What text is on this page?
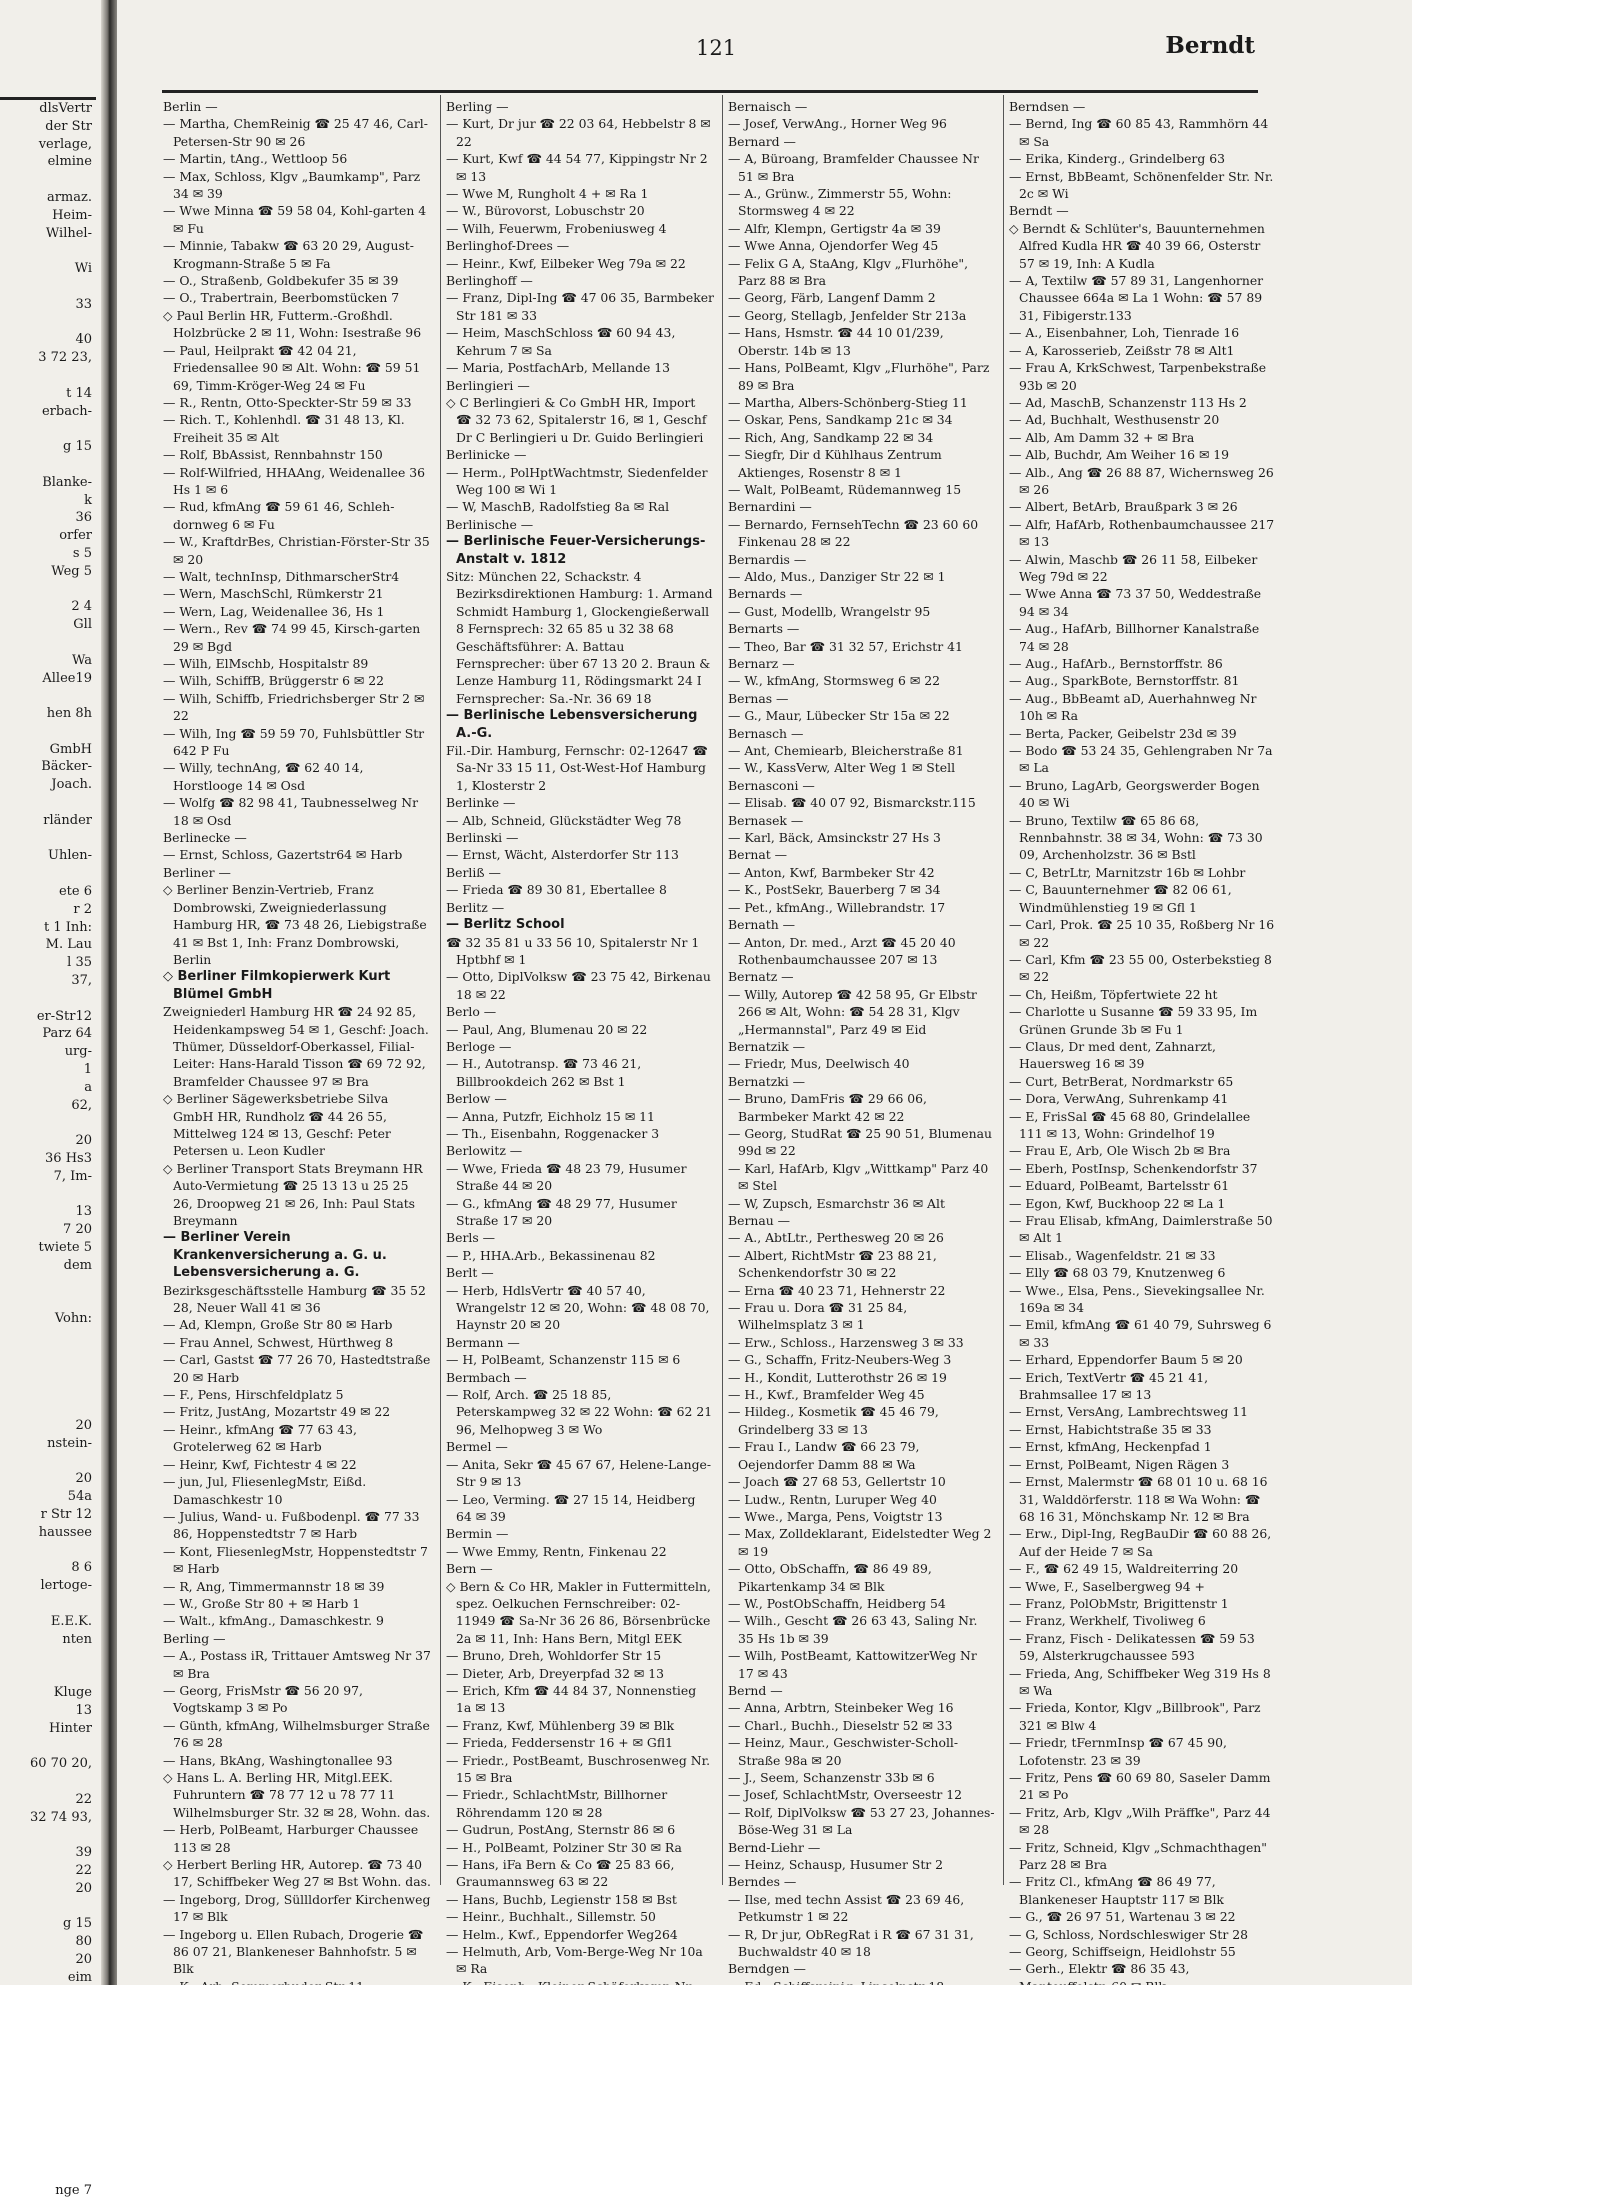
dlsVertr
der Str
verlage,
elmine

armaz.
Heim-
Wilhel-

Wi

33

40
3 72 23,

t 14
erbach-

g 15

Blanke-
k
36
orfer
s 5
Weg 5

2 4
Gll

Wa
Allee19

hen 8h

GmbH
Bäcker-
Joach.

rländer

Uhlen-

ete 6
r 2
t 1 Inh:
M. Lau
l 35
37,

er-Str12
Parz 64
urg-
1
a
62,

20
36 Hs3
7, Im-

13
7 20
twiete 5
dem

Vohn:

20
nstein-

20
54a
r Str 12
haussee

8 6
lertoge-

E.E.K.
nten

Kluge
13
Hinter

60 70 20,

22
32 74 93,

39
22
20

g 15
80
20
eim

nge 7
121	Berndt
Berlin —
— Martha, ChemReinig ☎ 25 47 46, Carl-Petersen-Str 90 ✉ 26
— Martin, tAng., Wettloop 56
— Max, Schloss, Klgv „Baumkamp", Parz 34 ✉ 39
— Wwe Minna ☎ 59 58 04, Kohl-garten 4 ✉ Fu
— Minnie, Tabakw ☎ 63 20 29, August-Krogmann-Straße 5 ✉ Fa
— O., Straßenb, Goldbekufer 35 ✉ 39
— O., Trabertrain, Beerbomstücken 7
◇ Paul Berlin HR, Futterm.-Großhdl. Holzbrücke 2 ✉ 11, Wohn: Isestraße 96
— Paul, Heilprakt ☎ 42 04 21, Friedensallee 90 ✉ Alt. Wohn: ☎ 59 51 69, Timm-Kröger-Weg 24 ✉ Fu
— R., Rentn, Otto-Speckter-Str 59 ✉ 33
— Rich. T., Kohlenhdl. ☎ 31 48 13, Kl. Freiheit 35 ✉ Alt
— Rolf, BbAssist, Rennbahnstr 150
— Rolf-Wilfried, HHAAng, Weidenallee 36 Hs 1 ✉ 6
— Rud, kfmAng ☎ 59 61 46, Schleh-dornweg 6 ✉ Fu
— W., KraftdrBes, Christian-Förster-Str 35 ✉ 20
— Walt, technInsp, DithmarscherStr4
— Wern, MaschSchl, Rümkerstr 21
— Wern, Lag, Weidenallee 36, Hs 1
— Wern., Rev ☎ 74 99 45, Kirsch-garten 29 ✉ Bgd
— Wilh, ElMschb, Hospitalstr 89
— Wilh, SchiffB, Brüggerstr 6 ✉ 22
— Wilh, Schiffb, Friedrichsberger Str 2 ✉ 22
— Wilh, Ing ☎ 59 59 70, Fuhlsbüttler Str 642 P Fu
— Willy, technAng, ☎ 62 40 14, Horstlooge 14 ✉ Osd
— Wolfg ☎ 82 98 41, Taubnesselweg Nr 18 ✉ Osd
Berlinecke —
— Ernst, Schloss, Gazertstr64 ✉ Harb
Berliner —
◇ Berliner Benzin-Vertrieb, Franz Dombrowski, Zweigniederlassung Hamburg HR, ☎ 73 48 26, Liebigstraße 41 ✉ Bst 1, Inh: Franz Dombrowski, Berlin
◇ Berliner Filmkopierwerk Kurt Blümel GmbH
Zweigniederl Hamburg HR ☎ 24 92 85, Heidenkampsweg 54 ✉ 1, Geschf: Joach. Thümer, Düsseldorf-Oberkassel, Filial-Leiter: Hans-Harald Tisson ☎ 69 72 92, Bramfelder Chaussee 97 ✉ Bra
◇ Berliner Sägewerksbetriebe Silva GmbH HR, Rundholz ☎ 44 26 55, Mittelweg 124 ✉ 13, Geschf: Peter Petersen u. Leon Kudler
◇ Berliner Transport Stats Breymann HR Auto-Vermietung ☎ 25 13 13 u 25 25 26, Droopweg 21 ✉ 26, Inh: Paul Stats Breymann
— Berliner Verein Krankenversicherung a. G. u. Lebensversicherung a. G.
Bezirksgeschäftsstelle Hamburg ☎ 35 52 28, Neuer Wall 41 ✉ 36
— Ad, Klempn, Große Str 80 ✉ Harb
— Frau Annel, Schwest, Hürthweg 8
— Carl, Gastst ☎ 77 26 70, Hastedtstraße 20 ✉ Harb
— F., Pens, Hirschfeldplatz 5
— Fritz, JustAng, Mozartstr 49 ✉ 22
— Heinr., kfmAng ☎ 77 63 43, Grotelerweg 62 ✉ Harb
— Heinr, Kwf, Fichtestr 4 ✉ 22
— jun, Jul, FliesenlegMstr, Eißd. Damaschkestr 10
— Julius, Wand- u. Fußbodenpl. ☎ 77 33 86, Hoppenstedtstr 7 ✉ Harb
— Kont, FliesenlegMstr, Hoppenstedtstr 7 ✉ Harb
— R, Ang, Timmermannstr 18 ✉ 39
— W., Große Str 80 + ✉ Harb 1
— Walt., kfmAng., Damaschkestr. 9
Berling —
— A., Postass iR, Trittauer Amtsweg Nr 37 ✉ Bra
— Georg, FrisMstr ☎ 56 20 97, Vogtskamp 3 ✉ Po
— Günth, kfmAng, Wilhelmsburger Straße 76 ✉ 28
— Hans, BkAng, Washingtonallee 93
◇ Hans L. A. Berling HR, Mitgl.EEK. Fuhruntern ☎ 78 77 12 u 78 77 11 Wilhelmsburger Str. 32 ✉ 28, Wohn. das.
— Herb, PolBeamt, Harburger Chaussee 113 ✉ 28
◇ Herbert Berling HR, Autorep. ☎ 73 40 17, Schiffbeker Weg 27 ✉ Bst Wohn. das.
— Ingeborg, Drog, Süllldorfer Kirchenweg 17 ✉ Blk
— Ingeborg u. Ellen Rubach, Drogerie ☎ 86 07 21, Blankeneser Bahnhofstr. 5 ✉ Blk
Berling —
— Kurt, Dr jur ☎ 22 03 64, Hebbelstr 8 ✉ 22
— Kurt, Kwf ☎ 44 54 77, Kippingstr Nr 2 ✉ 13
— Wwe M, Rungholt 4 + ✉ Ra 1
— W., Bürovorst, Lobuschstr 20
— Wilh, Feuerwm, Frobeniusweg 4
Berlinghof-Drees —
— Heinr., Kwf, Eilbeker Weg 79a ✉ 22
Berlinghoff —
— Franz, Dipl-Ing ☎ 47 06 35, Barmbeker Str 181 ✉ 33
— Heim, MaschSchloss ☎ 60 94 43, Kehrum 7 ✉ Sa
— Maria, PostfachArb, Mellande 13
Berlingieri —
◇ C Berlingieri & Co GmbH HR, Import ☎ 32 73 62, Spitalerstr 16, ✉ 1, Geschf Dr C Berlingieri u Dr. Guido Berlingieri
Berlinicke —
— Herm., PolHptWachtmstr, Siedenfelder Weg 100 ✉ Wi 1
— W, MaschB, Radolfstieg 8a ✉ Ral
Berlinische —
— Berlinische Feuer-Versicherungs-Anstalt v. 1812
Sitz: München 22, Schackstr. 4 Bezirksdirektionen Hamburg: 1. Armand Schmidt Hamburg 1, Glockengießerwall 8 Fernsprech: 32 65 85 u 32 38 68 Geschäftsführer: A. Battau Fernsprecher: über 67 13 20 2. Braun & Lenze Hamburg 11, Rödingsmarkt 24 I Fernsprecher: Sa.-Nr. 36 69 18
— Berlinische Lebensversicherung A.-G.
Fil.-Dir. Hamburg, Fernschr: 02-12647 ☎ Sa-Nr 33 15 11, Ost-West-Hof Hamburg 1, Klosterstr 2
Berlinke —
— Alb, Schneid, Glückstädter Weg 78
Berlinski —
— Ernst, Wächt, Alsterdorfer Str 113
Berliß —
— Frieda ☎ 89 30 81, Ebertallee 8
Berlitz —
— Berlitz School
☎ 32 35 81 u 33 56 10, Spitalerstr Nr 1 Hptbhf ✉ 1
— Otto, DiplVolksw ☎ 23 75 42, Birkenau 18 ✉ 22
Berlo —
— Paul, Ang, Blumenau 20 ✉ 22
Berloge —
— H., Autotransp. ☎ 73 46 21, Billbrookdeich 262 ✉ Bst 1
Berlow —
— Anna, Putzfr, Eichholz 15 ✉ 11
— Th., Eisenbahn, Roggenacker 3
Berlowitz —
— Wwe, Frieda ☎ 48 23 79, Husumer Straße 44 ✉ 20
— G., kfmAng ☎ 48 29 77, Husumer Straße 17 ✉ 20
Berls —
— P., HHA.Arb., Bekassinenau 82
Berlt —
— Herb, HdlsVertr ☎ 40 57 40, Wrangelstr 12 ✉ 20, Wohn: ☎ 48 08 70, Haynstr 20 ✉ 20
Bermann —
— H, PolBeamt, Schanzenstr 115 ✉ 6
Bermbach —
— Rolf, Arch. ☎ 25 18 85, Peterskampweg 32 ✉ 22 Wohn: ☎ 62 21 96, Melhopweg 3 ✉ Wo
Bermel —
— Anita, Sekr ☎ 45 67 67, Helene-Lange-Str 9 ✉ 13
— Leo, Verming. ☎ 27 15 14, Heidberg 64 ✉ 39
Bermin —
— Wwe Emmy, Rentn, Finkenau 22
Bern —
◇ Bern & Co HR, Makler in Futtermitteln, spez. Oelkuchen Fernschreiber: 02-11949 ☎ Sa-Nr 36 26 86, Börsenbrücke 2a ✉ 11, Inh: Hans Bern, Mitgl EEK
— Bruno, Dreh, Wohldorfer Str 15
— Dieter, Arb, Dreyerpfad 32 ✉ 13
— Erich, Kfm ☎ 44 84 37, Nonnenstieg 1a ✉ 13
— Franz, Kwf, Mühlenberg 39 ✉ Blk
— Frieda, Feddersenstr 16 + ✉ Gfl1
— Friedr., PostBeamt, Buschrosenweg Nr. 15 ✉ Bra
— Friedr., SchlachtMstr, Billhorner Röhrendamm 120 ✉ 28
— Gudrun, PostAng, Sternstr 86 ✉ 6
— H., PolBeamt, Polziner Str 30 ✉ Ra
— Hans, iFa Bern & Co ☎ 25 83 66, Graumannsweg 63 ✉ 22
— Hans, Buchb, Legienstr 158 ✉ Bst
— Heinr., Buchhalt., Sillemstr. 50
— Helm., Kwf., Eppendorfer Weg264
— Helmuth, Arb, Vom-Berge-Weg Nr 10a ✉ Ra
Bernaisch —
— Josef, VerwAng., Horner Weg 96
Bernard —
— A, Büroang, Bramfelder Chaussee Nr 51 ✉ Bra
— A., Grünw., Zimmerstr 55, Wohn: Stormsweg 4 ✉ 22
— Alfr, Klempn, Gertigstr 4a ✉ 39
— Wwe Anna, Ojendorfer Weg 45
— Felix G A, StaAng, Klgv „Flurhöhe", Parz 88 ✉ Bra
— Georg, Färb, Langenf Damm 2
— Georg, Stellagb, Jenfelder Str 213a
— Hans, Hsmstr. ☎ 44 10 01/239, Oberstr. 14b ✉ 13
— Hans, PolBeamt, Klgv „Flurhöhe", Parz 89 ✉ Bra
— Martha, Albers-Schönberg-Stieg 11
— Oskar, Pens, Sandkamp 21c ✉ 34
— Rich, Ang, Sandkamp 22 ✉ 34
— Siegfr, Dir d Kühlhaus Zentrum Aktienges, Rosenstr 8 ✉ 1
— Walt, PolBeamt, Rüdemannweg 15
Bernardini —
— Bernardo, FernsehTechn ☎ 23 60 60 Finkenau 28 ✉ 22
Bernardis —
— Aldo, Mus., Danziger Str 22 ✉ 1
Bernards —
— Gust, Modellb, Wrangelstr 95
Bernarts —
— Theo, Bar ☎ 31 32 57, Erichstr 41
Bernarz —
— W., kfmAng, Stormsweg 6 ✉ 22
Bernas —
— G., Maur, Lübecker Str 15a ✉ 22
Bernasch —
— Ant, Chemiearb, Bleicherstraße 81
— W., KassVerw, Alter Weg 1 ✉ Stell
Bernasconi —
— Elisab. ☎ 40 07 92, Bismarckstr.115
Bernasek —
— Karl, Bäck, Amsinckstr 27 Hs 3
Bernat —
— Anton, Kwf, Barmbeker Str 42
— K., PostSekr, Bauerberg 7 ✉ 34
— Pet., kfmAng., Willebrandstr. 17
Bernath —
— Anton, Dr. med., Arzt ☎ 45 20 40 Rothenbaumchaussee 207 ✉ 13
Bernatz —
— Willy, Autorep ☎ 42 58 95, Gr Elbstr 266 ✉ Alt, Wohn: ☎ 54 28 31, Klgv „Hermannstal", Parz 49 ✉ Eid
Bernatzik —
— Friedr, Mus, Deelwisch 40
Bernatzki —
— Bruno, DamFris ☎ 29 66 06, Barmbeker Markt 42 ✉ 22
— Georg, StudRat ☎ 25 90 51, Blumenau 99d ✉ 22
— Karl, HafArb, Klgv „Wittkamp" Parz 40 ✉ Stel
— W, Zupsch, Esmarchstr 36 ✉ Alt
Bernau —
— A., AbtLtr., Perthesweg 20 ✉ 26
— Albert, RichtMstr ☎ 23 88 21, Schenkendorfstr 30 ✉ 22
— Erna ☎ 40 23 71, Hehnerstr 22
— Frau u. Dora ☎ 31 25 84, Wilhelmsplatz 3 ✉ 1
— Erw., Schloss., Harzensweg 3 ✉ 33
— G., Schaffn, Fritz-Neubers-Weg 3
— H., Kondit, Lutterothstr 26 ✉ 19
— H., Kwf., Bramfelder Weg 45
— Hildeg., Kosmetik ☎ 45 46 79, Grindelberg 33 ✉ 13
— Frau I., Landw ☎ 66 23 79, Oejendorfer Damm 88 ✉ Wa
— Joach ☎ 27 68 53, Gellertstr 10
— Ludw., Rentn, Luruper Weg 40
— Wwe., Marga, Pens, Voigtstr 13
— Max, Zolldeklarant, Eidelstedter Weg 2 ✉ 19
— Otto, ObSchaffn, ☎ 86 49 89, Pikartenkamp 34 ✉ Blk
— W., PostObSchaffn, Heidberg 54
— Wilh., Gescht ☎ 26 63 43, Saling Nr. 35 Hs 1b ✉ 39
— Wilh, PostBeamt, KattowitzerWeg Nr 17 ✉ 43
Bernd —
— Anna, Arbtrn, Steinbeker Weg 16
— Charl., Buchh., Dieselstr 52 ✉ 33
— Heinz, Maur., Geschwister-Scholl-Straße 98a ✉ 20
— J., Seem, Schanzenstr 33b ✉ 6
— Josef, SchlachtMstr, Overseestr 12
— Rolf, DiplVolksw ☎ 53 27 23, Johannes-Böse-Weg 31 ✉ La
Bernd-Liehr —
— Heinz, Schausp, Husumer Str 2
Berndes —
— Ilse, med techn Assist ☎ 23 69 46, Petkumstr 1 ✉ 22
— R, Dr jur, ObRegRat i R ☎ 67 31 31, Buchwaldstr 40 ✉ 18
Berndgen —
Berndsen —
— Bernd, Ing ☎ 60 85 43, Rammhörn 44 ✉ Sa
— Erika, Kinderg., Grindelberg 63
— Ernst, BbBeamt, Schönenfelder Str. Nr. 2c ✉ Wi
Berndt —
◇ Berndt & Schlüter's, Bauunternehmen Alfred Kudla HR ☎ 40 39 66, Osterstr 57 ✉ 19, Inh: A Kudla
— A, Textilw ☎ 57 89 31, Langenhorner Chaussee 664a ✉ La 1 Wohn: ☎ 57 89 31, Fibigerstr.133
— A., Eisenbahner, Loh, Tienrade 16
— A, Karosserieb, Zeißstr 78 ✉ Alt1
— Frau A, KrkSchwest, Tarpenbekstraße 93b ✉ 20
— Ad, MaschB, Schanzenstr 113 Hs 2
— Ad, Buchhalt, Westhusenstr 20
— Alb, Am Damm 32 + ✉ Bra
— Alb, Buchdr, Am Weiher 16 ✉ 19
— Alb., Ang ☎ 26 88 87, Wichernsweg 26 ✉ 26
— Albert, BetArb, Braußpark 3 ✉ 26
— Alfr, HafArb, Rothenbaumchaussee 217 ✉ 13
— Alwin, Maschb ☎ 26 11 58, Eilbeker Weg 79d ✉ 22
— Wwe Anna ☎ 73 37 50, Weddestraße 94 ✉ 34
— Aug., HafArb, Billhorner Kanalstraße 74 ✉ 28
— Aug., HafArb., Bernstorffstr. 86
— Aug., SparkBote, Bernstorffstr. 81
— Aug., BbBeamt aD, Auerhahnweg Nr 10h ✉ Ra
— Berta, Packer, Geibelstr 23d ✉ 39
— Bodo ☎ 53 24 35, Gehlengraben Nr 7a ✉ La
— Bruno, LagArb, Georgswerder Bogen 40 ✉ Wi
— Bruno, Textilw ☎ 65 86 68, Rennbahnstr. 38 ✉ 34, Wohn: ☎ 73 30 09, Archenholzstr. 36 ✉ Bstl
— C, BetrLtr, Marnitzstr 16b ✉ Lohbr
— C, Bauunternehmer ☎ 82 06 61, Windmühlenstieg 19 ✉ Gfl 1
— Carl, Prok. ☎ 25 10 35, Roßberg Nr 16 ✉ 22
— Carl, Kfm ☎ 23 55 00, Osterbekstieg 8 ✉ 22
— Ch, Heißm, Töpfertwiete 22 ht
— Charlotte u Susanne ☎ 59 33 95, Im Grünen Grunde 3b ✉ Fu 1
— Claus, Dr med dent, Zahnarzt, Hauersweg 16 ✉ 39
— Curt, BetrBerat, Nordmarkstr 65
— Dora, VerwAng, Suhrenkamp 41
— E, FrisSal ☎ 45 68 80, Grindelallee 111 ✉ 13, Wohn: Grindelhof 19
— Frau E, Arb, Ole Wisch 2b ✉ Bra
— Eberh, PostInsp, Schenkendorfstr 37
— Eduard, PolBeamt, Bartelsstr 61
— Egon, Kwf, Buckhoop 22 ✉ La 1
— Frau Elisab, kfmAng, Daimlerstraße 50 ✉ Alt 1
— Elisab., Wagenfeldstr. 21 ✉ 33
— Elly ☎ 68 03 79, Knutzenweg 6
— Wwe., Elsa, Pens., Sievekingsallee Nr. 169a ✉ 34
— Emil, kfmAng ☎ 61 40 79, Suhrsweg 6 ✉ 33
— Erhard, Eppendorfer Baum 5 ✉ 20
— Erich, TextVertr ☎ 45 21 41, Brahmsallee 17 ✉ 13
— Ernst, VersAng, Lambrechtsweg 11
— Ernst, Habichtstraße 35 ✉ 33
— Ernst, kfmAng, Heckenpfad 1
— Ernst, PolBeamt, Nigen Rägen 3
— Ernst, Malermstr ☎ 68 01 10 u. 68 16 31, Walddörferstr. 118 ✉ Wa Wohn: ☎ 68 16 31, Mönchskamp Nr. 12 ✉ Bra
— Erw., Dipl-Ing, RegBauDir ☎ 60 88 26, Auf der Heide 7 ✉ Sa
— F., ☎ 62 49 15, Waldreiterring 20
— Wwe, F., Saselbergweg 94 +
— Franz, PolObMstr, Brigittenstr 1
— Franz, Werkhelf, Tivoliweg 6
— Franz, Fisch - Delikatessen ☎ 59 53 59, Alsterkrugchaussee 593
— Frieda, Ang, Schiffbeker Weg 319 Hs 8 ✉ Wa
— Frieda, Kontor, Klgv „Billbrook", Parz 321 ✉ Blw 4
— Friedr, tFernmInsp ☎ 67 45 90, Lofotenstr. 23 ✉ 39
— Fritz, Pens ☎ 60 69 80, Saseler Damm 21 ✉ Po
— Fritz, Arb, Klgv „Wilh Präffke", Parz 44 ✉ 28
— Fritz, Schneid, Klgv „Schmachthagen" Parz 28 ✉ Bra
— Fritz Cl., kfmAng ☎ 86 49 77, Blankeneser Hauptstr 117 ✉ Blk
— G., ☎ 26 97 51, Wartenau 3 ✉ 22
— G, Schloss, Nordschleswiger Str 28
— Georg, Schiffseign, Heidlohstr 55
— Gerh., Elektr ☎ 86 35 43,
